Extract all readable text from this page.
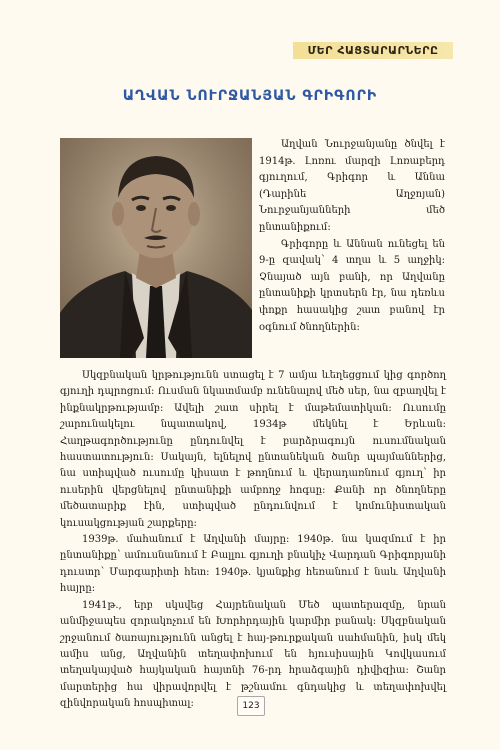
ՄԵՐ ՀԱՑՏԱՐԱՐՆԵՐԸ
ԱՂՎԱՆ ՆՈՒՐՋԱՆՅԱՆ ԳՐԻԳՈՐԻ

Աղվան Նուրջանյանը ծնվել է 1914թ. Լոռու մարզի Լոռաբերդ գյուղում, Գրիգոր և Աննա (Դարինե Աղջոյան) Նուրջանյանների մեծ ընտանիքում:

Գրիգորը և Աննան ունեցել են 9-ը զավակ՝ 4 տղա և 5 աղջիկ: Չնայած այն բանի, որ Աղվանը ընտանիքի կրտսերն էր, նա դեռևս փոքր հասակից շատ բանով էր օգնում ծնողներին:

Սկզբնական կրթությունն ստացել է 7 ամյա ևեղեցցում կից գործող գյուղի դպրոցում: Ուսման նկատմամբ ունենալով մեծ սեր, նա զբաղվել է ինքնակրթությամբ: Ավելի շատ սիրել է մաթեմատիկան: Ուսումը շարունակելու նպատակով, 1934թ մեկնել է Երևան: Հաղթագործությունը ընդունվել է բարձրագույն ուսումնական հաստատություն: Սակայն, ելնելով ընտանեկան ծանր պայմաններից, նա ստիպված ուսումը կիսատ է թողնում և վերադառնում գյուղ՝ իր ուսերին վերցնելով ընտանիքի ամբողջ հոգսը: Քանի որ ծնողները մեծատարիք էին, ստիպված ընդունվում է կոմունիստական կուսակցության շարքերը:

1939թ. մահանում է Աղվանի մայրը: 1940թ. նա կազմում է իր ընտանիքը՝ ամուսնանում է Բալլու գյուղի բնակիչ Վարդան Գրիգորյանի դուստր՝ Մարգարիտի հետ: 1940թ. կյանքից հեռանում է նաև Աղվանի հայրը:

1941թ., երբ սկսվեց Հայրենական Մեծ պատերազմը, նրան անմիջապես զորակոչում են Խորհրդային կարմիր բանակ: Սկզբնական շրջանում ծառայությունն անցել է հայ-թուրքական սահմանին, իսկ մեկ ամիս անց, Աղվանին տեղափոխում են հյուսիսային Կովկասում տեղակայված հայկական հայտնի 76-րդ հրաձգային դիվիզիա: Շանր մարտերից հա վիրավորվել է թշնամու գնդակից և տեղափոխվել զինվորական հոսպիտալ:	123
